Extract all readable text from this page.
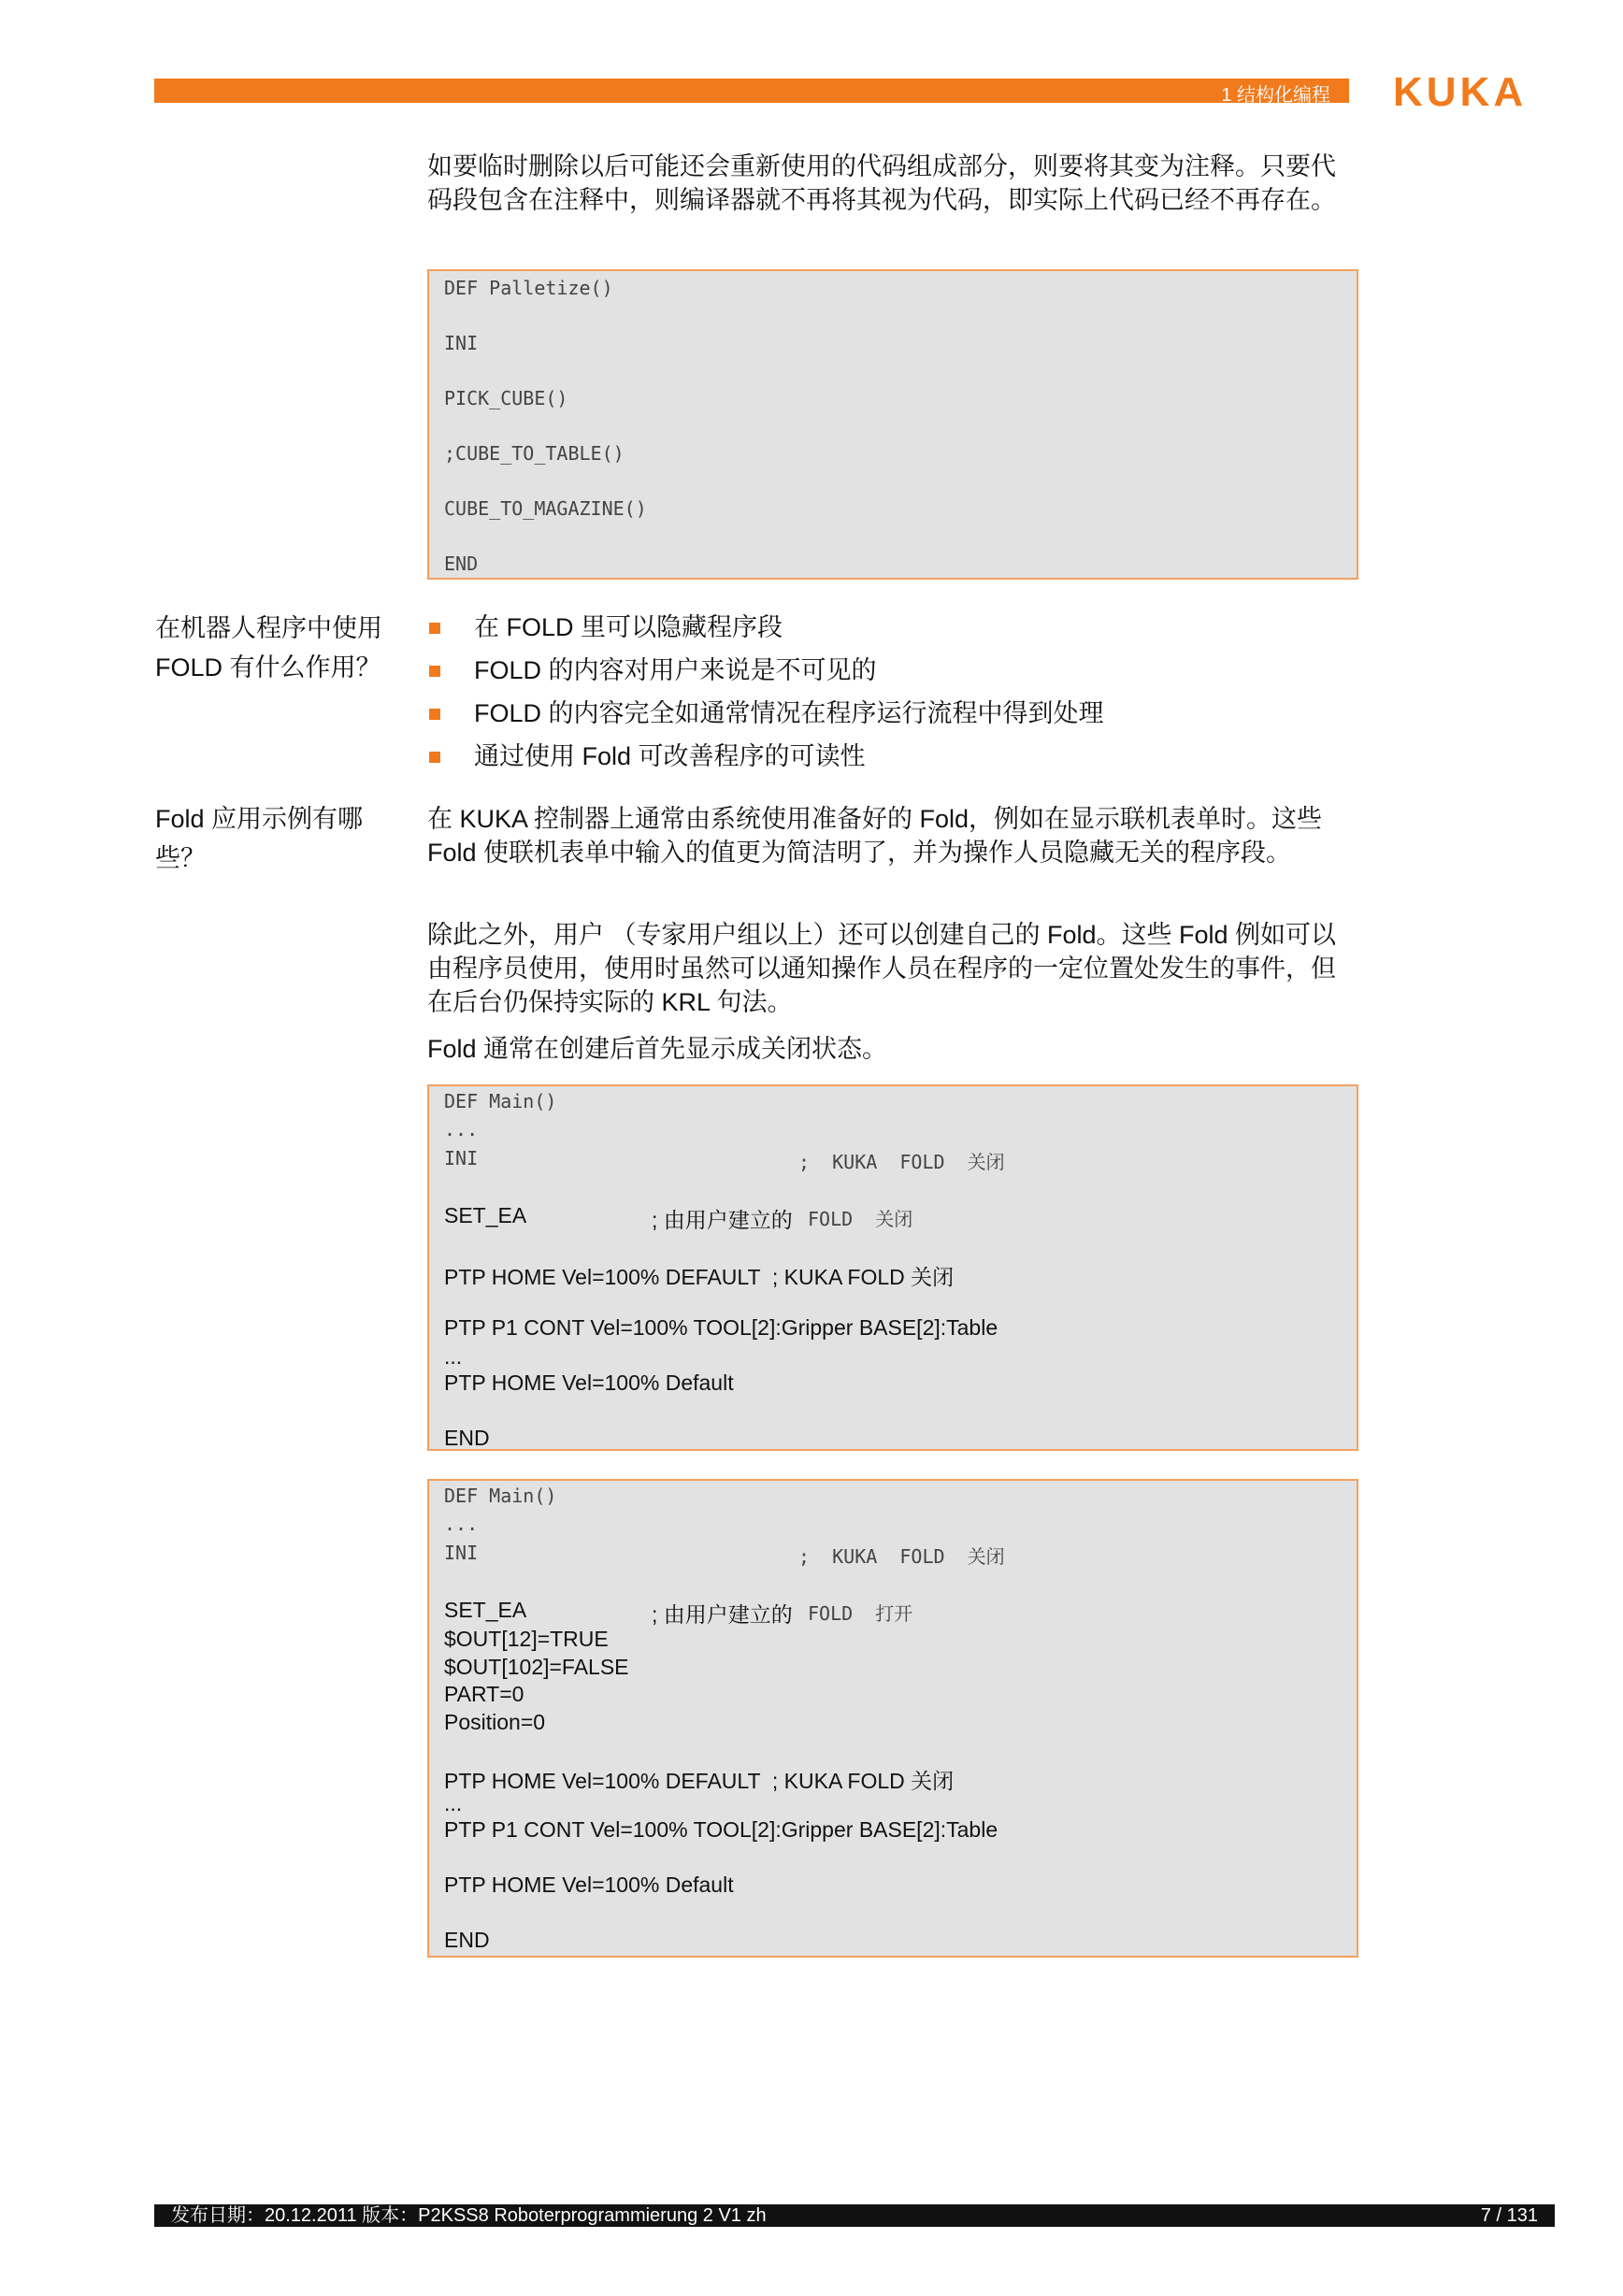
1 结构化编程 KUKA

如要临时删除以后可能还会重新使用的代码组成部分，则要将其变为注释。只要代码段包含在注释中，则编译器就不再将其视为代码，即实际上代码已经不再存在。

DEF Palletize()
INI
PICK_CUBE()
;CUBE_TO_TABLE()
CUBE_TO_MAGAZINE()
END
在机器人程序中使用 FOLD 有什么作用？
在 FOLD 里可以隐藏程序段
FOLD 的内容对用户来说是不可见的
FOLD 的内容完全如通常情况在程序运行流程中得到处理
通过使用 Fold 可改善程序的可读性
Fold 应用示例有哪些？

在 KUKA 控制器上通常由系统使用准备好的 Fold，例如在显示联机表单时。这些 Fold 使联机表单中输入的值更为简洁明了，并为操作人员隐藏无关的程序段。

除此之外，用户 （专家用户组以上）还可以创建自己的 Fold。这些 Fold 例如可以由程序员使用，使用时虽然可以通知操作人员在程序的一定位置处发生的事件，但在后台仍保持实际的 KRL 句法。

Fold 通常在创建后首先显示成关闭状态。

DEF Main()
...
INI	;  KUKA  FOLD  关闭
SET_EA	; 由用户建立的 FOLD  关闭
PTP HOME Vel=100% DEFAULT  ; KUKA FOLD 关闭
PTP P1 CONT Vel=100% TOOL[2]:Gripper BASE[2]:Table
...
PTP HOME Vel=100% Default
END
DEF Main()
...
INI	;  KUKA  FOLD  关闭
SET_EA	; 由用户建立的 FOLD  打开
$OUT[12]=TRUE
$OUT[102]=FALSE
PART=0
Position=0
PTP HOME Vel=100% DEFAULT  ; KUKA FOLD 关闭
...
PTP P1 CONT Vel=100% TOOL[2]:Gripper BASE[2]:Table
PTP HOME Vel=100% Default
END
发布日期：20.12.2011 版本：P2KSS8 Roboterprogrammierung 2 V1 zh	7 / 131
